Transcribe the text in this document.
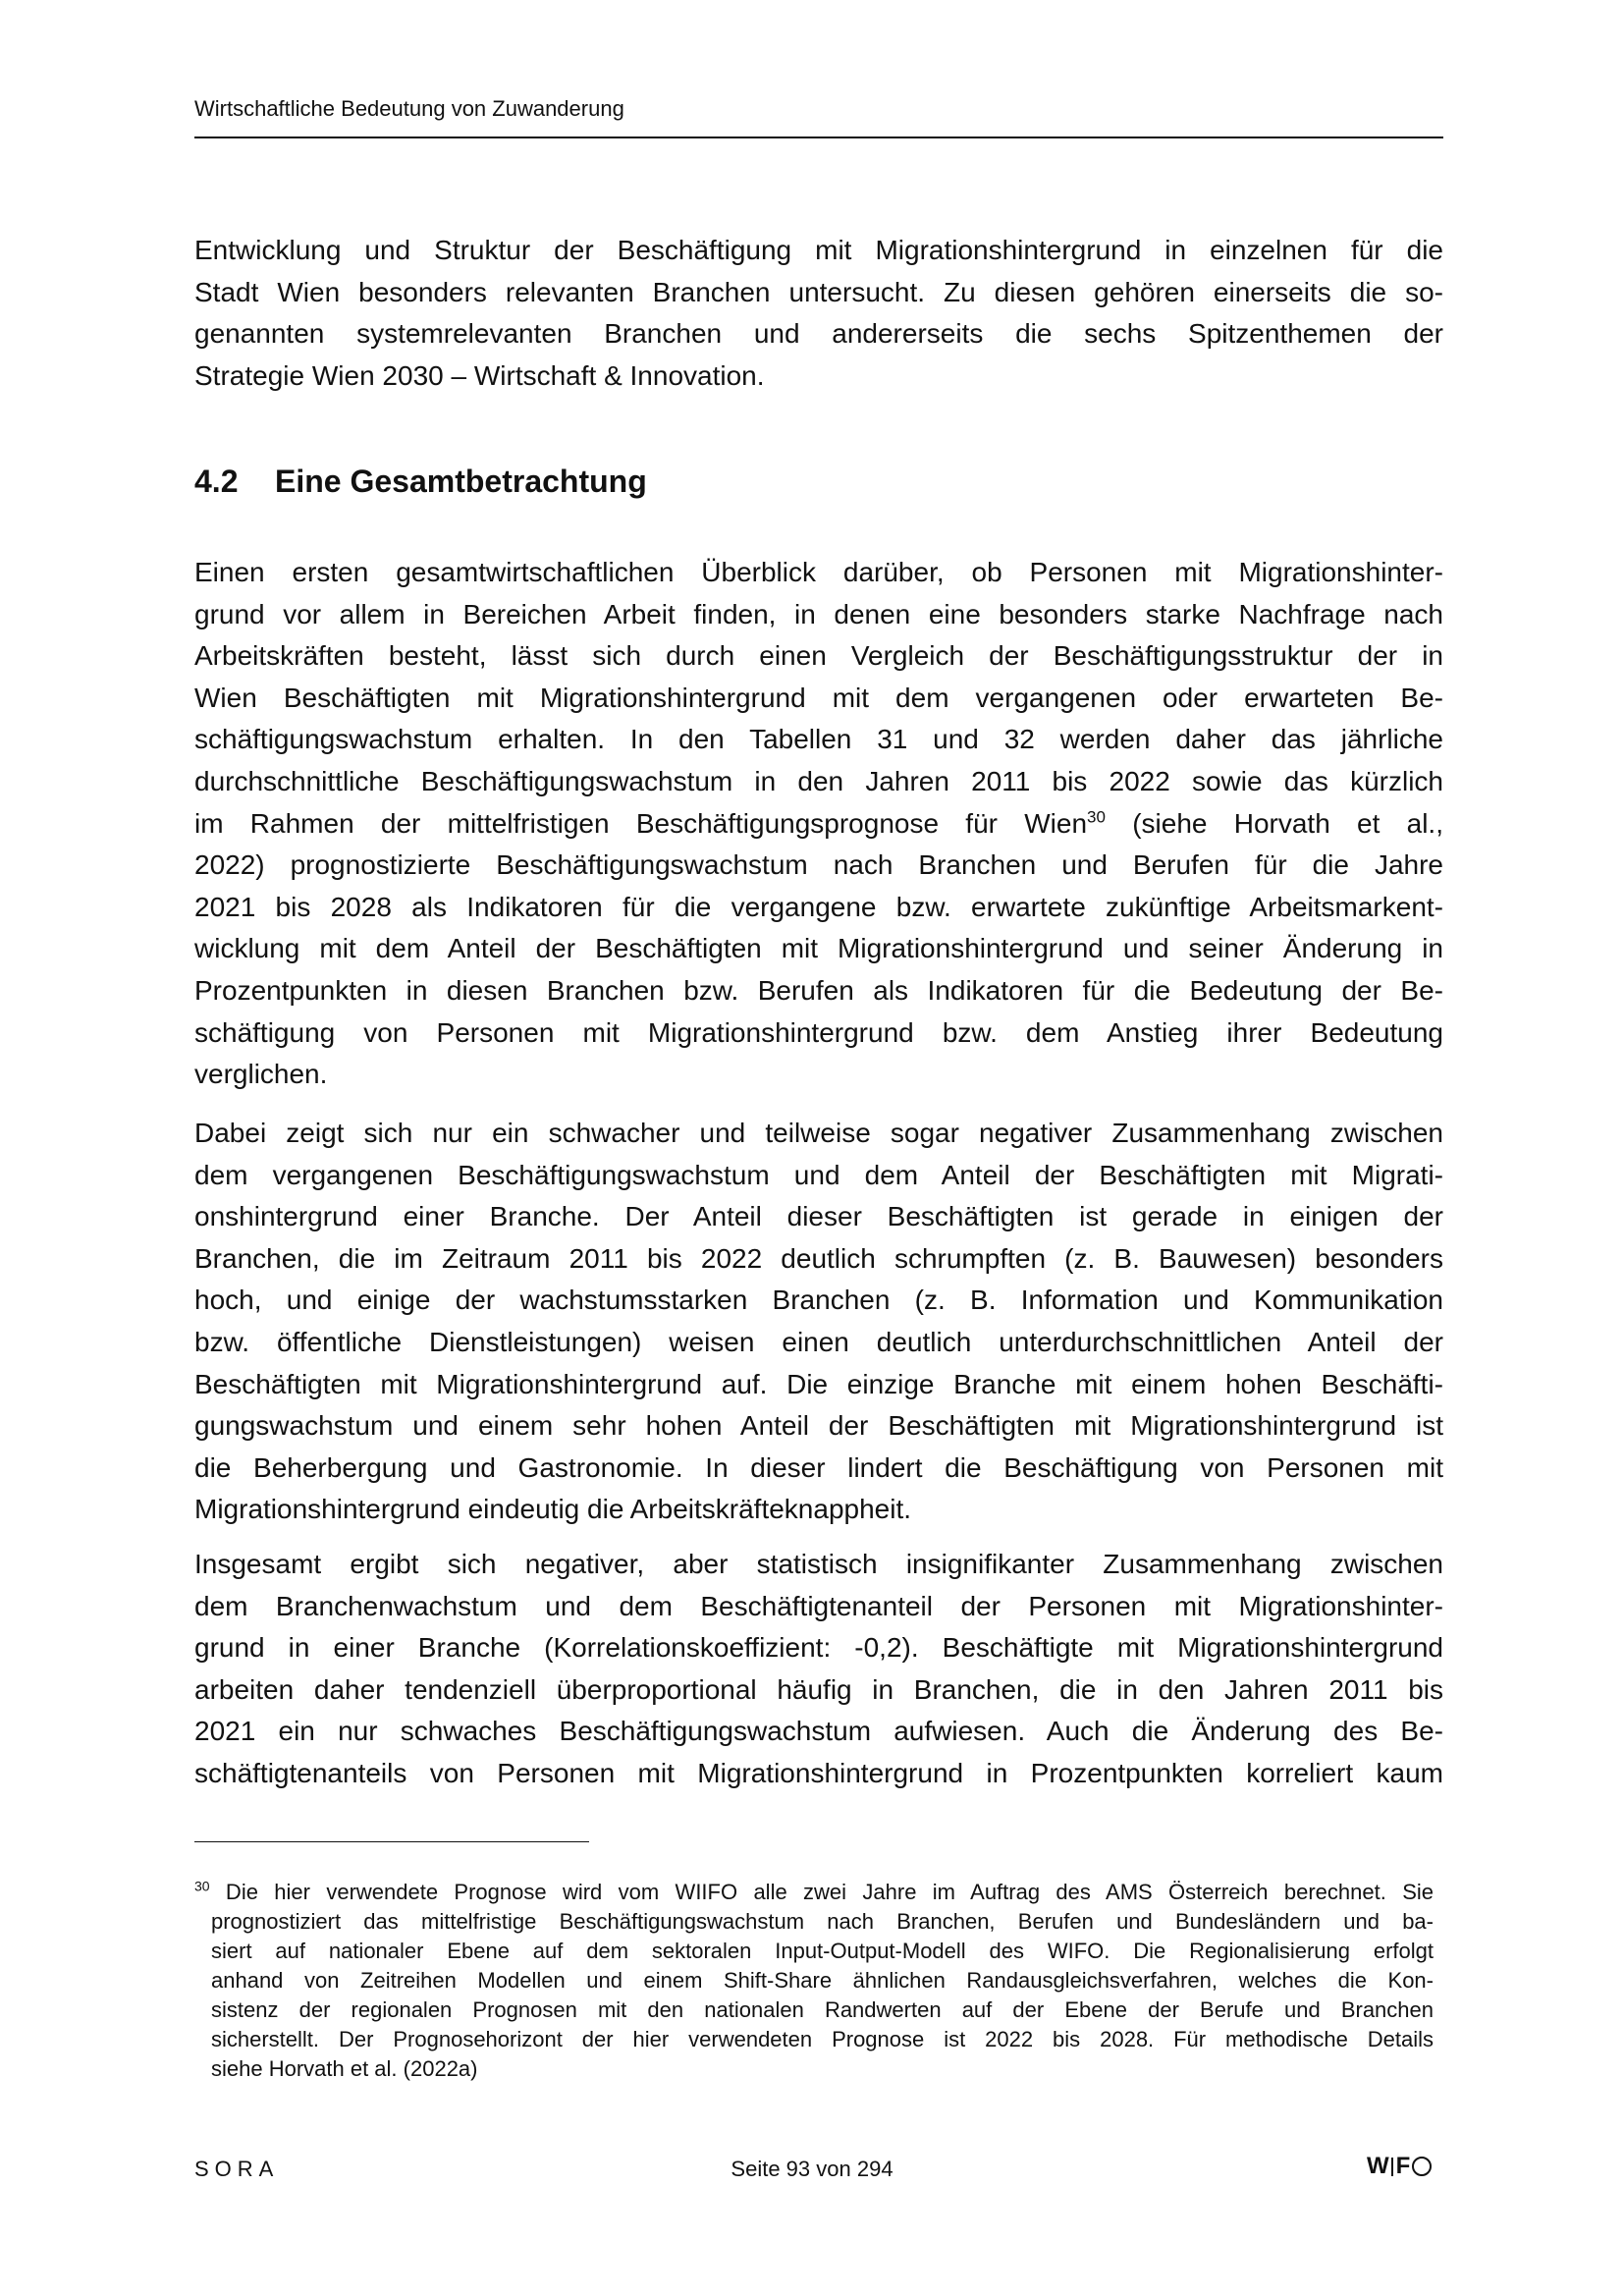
Wirtschaftliche Bedeutung von Zuwanderung
Entwicklung und Struktur der Beschäftigung mit Migrationshintergrund in einzelnen für die
Stadt Wien besonders relevanten Branchen untersucht. Zu diesen gehören einerseits die so-
genannten systemrelevanten Branchen und andererseits die sechs Spitzenthemen der
Strategie Wien 2030 – Wirtschaft & Innovation.
4.2 Eine Gesamtbetrachtung
Einen ersten gesamtwirtschaftlichen Überblick darüber, ob Personen mit Migrationshinter-
grund vor allem in Bereichen Arbeit finden, in denen eine besonders starke Nachfrage nach
Arbeitskräften besteht, lässt sich durch einen Vergleich der Beschäftigungsstruktur der in
Wien Beschäftigten mit Migrationshintergrund mit dem vergangenen oder erwarteten Be-
schäftigungswachstum erhalten. In den Tabellen 31 und 32 werden daher das jährliche
durchschnittliche Beschäftigungswachstum in den Jahren 2011 bis 2022 sowie das kürzlich
im Rahmen der mittelfristigen Beschäftigungsprognose für Wien$^{30}$ (siehe Horvath et al.,
2022) prognostizierte Beschäftigungswachstum nach Branchen und Berufen für die Jahre
2021 bis 2028 als Indikatoren für die vergangene bzw. erwartete zukünftige Arbeitsmarkent-
wicklung mit dem Anteil der Beschäftigten mit Migrationshintergrund und seiner Änderung in
Prozentpunkten in diesen Branchen bzw. Berufen als Indikatoren für die Bedeutung der Be-
schäftigung von Personen mit Migrationshintergrund bzw. dem Anstieg ihrer Bedeutung
verglichen.
Dabei zeigt sich nur ein schwacher und teilweise sogar negativer Zusammenhang zwischen
dem vergangenen Beschäftigungswachstum und dem Anteil der Beschäftigten mit Migrati-
onshintergrund einer Branche. Der Anteil dieser Beschäftigten ist gerade in einigen der
Branchen, die im Zeitraum 2011 bis 2022 deutlich schrumpften (z. B. Bauwesen) besonders
hoch, und einige der wachstumsstarken Branchen (z. B. Information und Kommunikation
bzw. öffentliche Dienstleistungen) weisen einen deutlich unterdurchschnittlichen Anteil der
Beschäftigten mit Migrationshintergrund auf. Die einzige Branche mit einem hohen Beschäfti-
gungswachstum und einem sehr hohen Anteil der Beschäftigten mit Migrationshintergrund ist
die Beherbergung und Gastronomie. In dieser lindert die Beschäftigung von Personen mit
Migrationshintergrund eindeutig die Arbeitskräfteknappheit.
Insgesamt ergibt sich negativer, aber statistisch insignifikanter Zusammenhang zwischen
dem Branchenwachstum und dem Beschäftigtenanteil der Personen mit Migrationshinter-
grund in einer Branche (Korrelationskoeffizient: -0,2). Beschäftigte mit Migrationshintergrund
arbeiten daher tendenziell überproportional häufig in Branchen, die in den Jahren 2011 bis
2021 ein nur schwaches Beschäftigungswachstum aufwiesen. Auch die Änderung des Be-
schäftigtenanteils von Personen mit Migrationshintergrund in Prozentpunkten korreliert kaum
$^{30}$ Die hier verwendete Prognose wird vom WIIFO alle zwei Jahre im Auftrag des AMS Österreich berechnet. Sie
prognostiziert das mittelfristige Beschäftigungswachstum nach Branchen, Berufen und Bundesländern und ba-
siert auf nationaler Ebene auf dem sektoralen Input-Output-Modell des WIFO. Die Regionalisierung erfolgt
anhand von Zeitreihen Modellen und einem Shift-Share ähnlichen Randausgleichsverfahren, welches die Kon-
sistenz der regionalen Prognosen mit den nationalen Randwerten auf der Ebene der Berufe und Branchen
sicherstellt. Der Prognosehorizont der hier verwendeten Prognose ist 2022 bis 2028. Für methodische Details
siehe Horvath et al. (2022a)
SORA	Seite 93 von 294	W F
